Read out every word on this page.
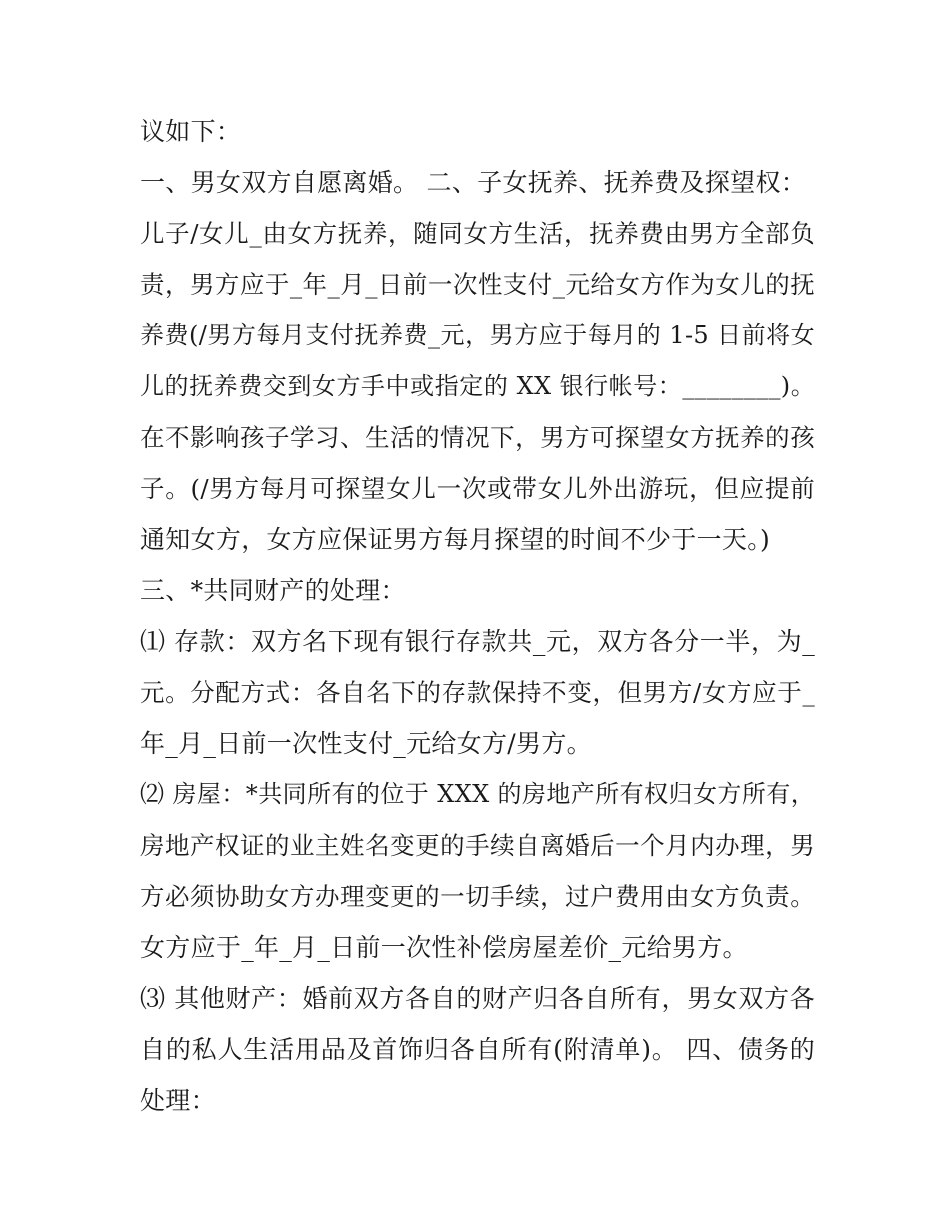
议如下：
一、男女双方自愿离婚。 二、子女抚养、抚养费及探望权：
儿子/女儿_由女方抚养，随同女方生活，抚养费由男方全部负
责，男方应于_年_月_日前一次性支付_元给女方作为女儿的抚
养费(/男方每月支付抚养费_元，男方应于每月的 1-5 日前将女
儿的抚养费交到女方手中或指定的 XX 银行帐号：________)。
在不影响孩子学习、生活的情况下，男方可探望女方抚养的孩
子。(/男方每月可探望女儿一次或带女儿外出游玩，但应提前
通知女方，女方应保证男方每月探望的时间不少于一天。)
三、*共同财产的处理：
⑴ 存款：双方名下现有银行存款共_元，双方各分一半，为_
元。分配方式：各自名下的存款保持不变，但男方/女方应于_
年_月_日前一次性支付_元给女方/男方。
⑵ 房屋：*共同所有的位于 XXX 的房地产所有权归女方所有，
房地产权证的业主姓名变更的手续自离婚后一个月内办理，男
方必须协助女方办理变更的一切手续，过户费用由女方负责。
女方应于_年_月_日前一次性补偿房屋差价_元给男方。
⑶ 其他财产：婚前双方各自的财产归各自所有，男女双方各
自的私人生活用品及首饰归各自所有(附清单)。 四、债务的
处理：
